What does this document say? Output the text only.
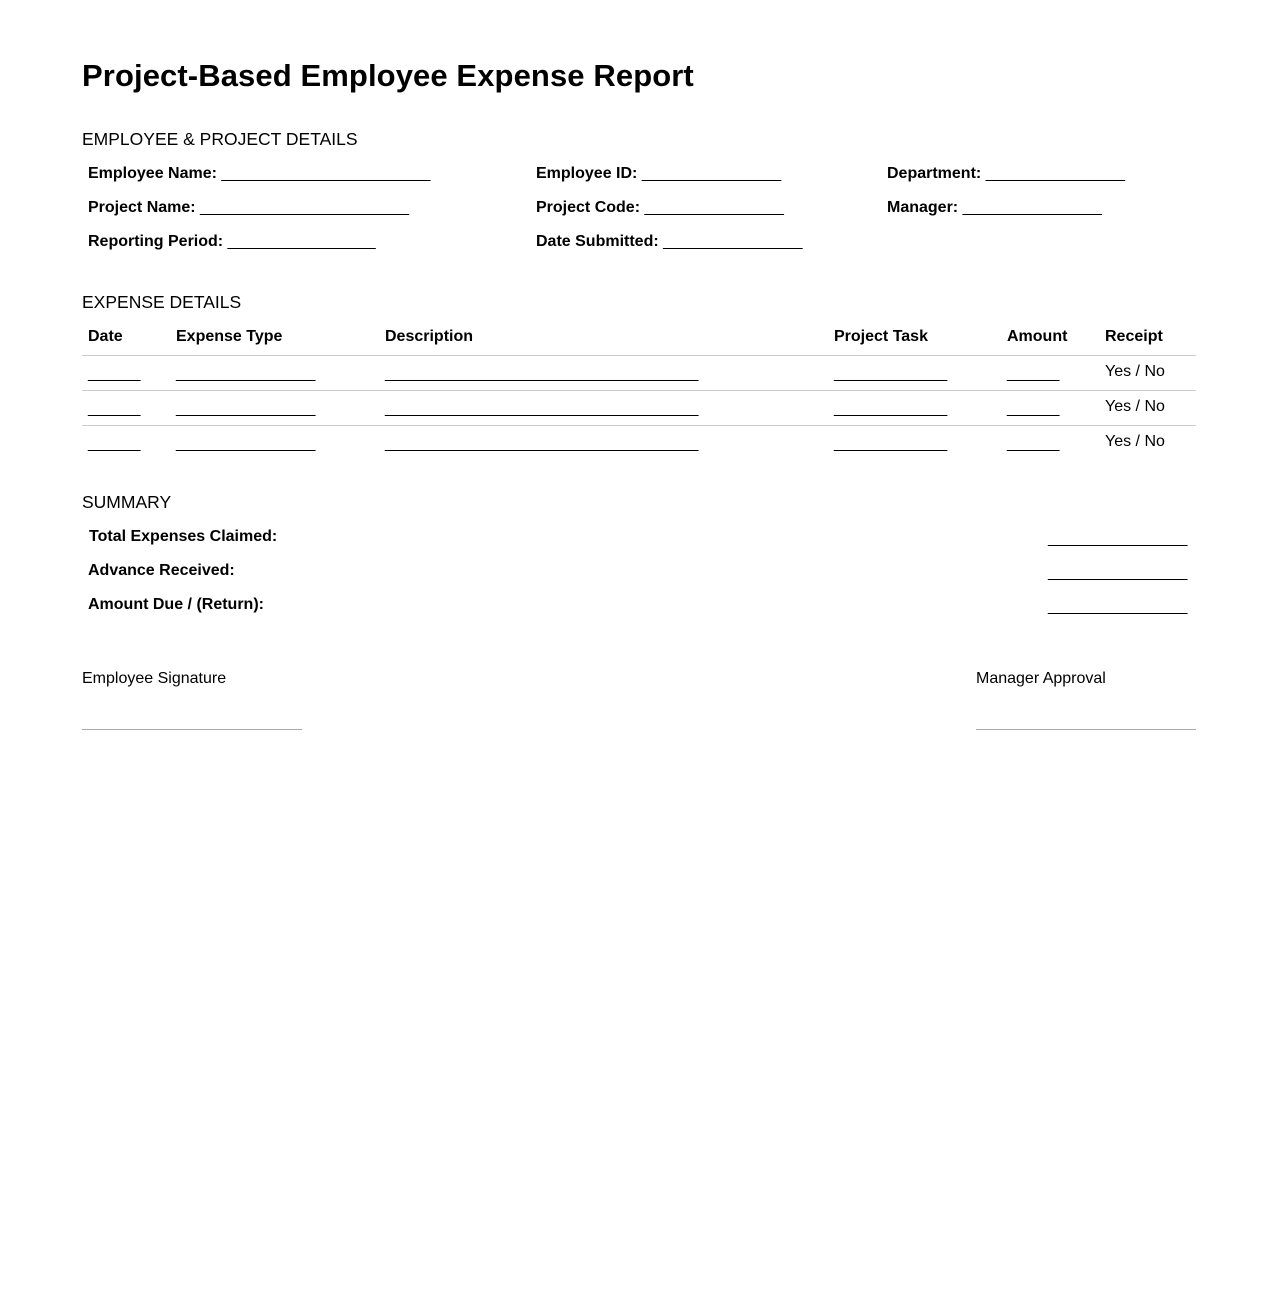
Project-Based Employee Expense Report
EMPLOYEE & PROJECT DETAILS
Employee Name: ________________________	Employee ID: ________________	Department: ________________
Project Name: ________________________	Project Code: ________________	Manager: ________________
Reporting Period: _________________	Date Submitted: ________________
EXPENSE DETAILS
Date	Expense Type	Description	Project Task	Amount Receipt
______ ________________	____________________________________	_____________	______	Yes / No
______ ________________	____________________________________	_____________	______	Yes / No
______ ________________	____________________________________	_____________	______	Yes / No
SUMMARY
Total Expenses Claimed:	________________
Advance Received:	________________
Amount Due / (Return):	________________
Employee Signature	Manager Approval
